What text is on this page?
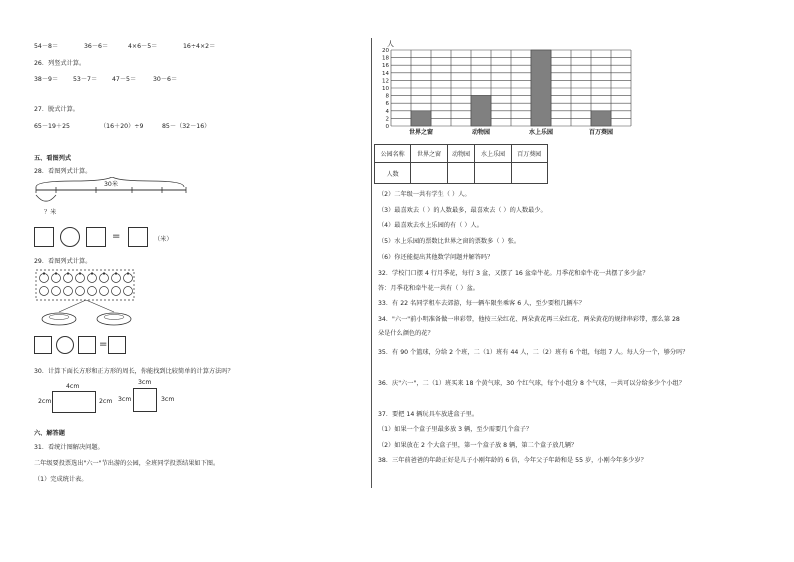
54－8＝	36－6＝	4×6－5＝	16÷4×2＝
26．列竖式计算。
38－9＝ 53－7＝ 47－5＝	30－6＝
27．脱式计算。
65－19＋25	（16＋20）÷9	85－（32－16）
五、看图列式
28．看图列式计算。
30米
？米
=	（米）
29．看图列式计算。
=
30．计算下面长方形和正方形的周长，你能找到比较简单的计算方法吗？
4cm
2cm	2cm
3cm
3cm	3cm
六、解答题
31．看统计图解决问题。
二年级要投票选出"六一"节出游的公园，全班同学投票结果如下图。
（1）完成统计表。
人
0
2
4
6
8
10
12
14
16
18
20
世界之窗	动物园	水上乐园	百万葵园
公园名称	世界之窗	动物园	水上乐园	百万葵园
人数				
（2）二年级一共有学生（ ）人。
（3）最喜欢去（ ）的人数最多，最喜欢去（ ）的人数最少。
（4）最喜欢去水上乐园的有（ ）人。
（5）水上乐园的票数比世界之窗的票数多（ ）张。
（6）你还能提出其他数学问题并解答吗？
32．学校门口摆 4 行月季花，每行 3 盆，又摆了 16 盆牵牛花。月季花和牵牛花一共摆了多少盆？
答：月季花和牵牛花一共有（ ）盆。
33．有 22 名同学租车去郊游，每一辆车限坐乘客 6 人，至少要租几辆车？
34．"六一"前小明准备做一串彩带，他按三朵红花、两朵黄花再三朵红花、两朵黄花的规律串彩带，那么第 28
朵是什么颜色的花？
35．有 90 个篮球，分给 2 个班，二（1）班有 44 人，二（2）班有 6 个组，每组 7 人。每人分一个，够分吗？
36．庆"六一"，二（1）班买来 18 个黄气球，30 个红气球，每个小组分 8 个气球，一共可以分给多少个小组？
37．要把 14 辆玩具车放进盒子里。
（1）如果一个盒子里最多放 3 辆，至少需要几个盒子？
（2）如果放在 2 个大盒子里，第一个盒子放 8 辆，第二个盒子放几辆？
38．三年前爸爸的年龄正好是儿子小刚年龄的 6 倍，今年父子年龄和是 55 岁，小刚今年多少岁？
